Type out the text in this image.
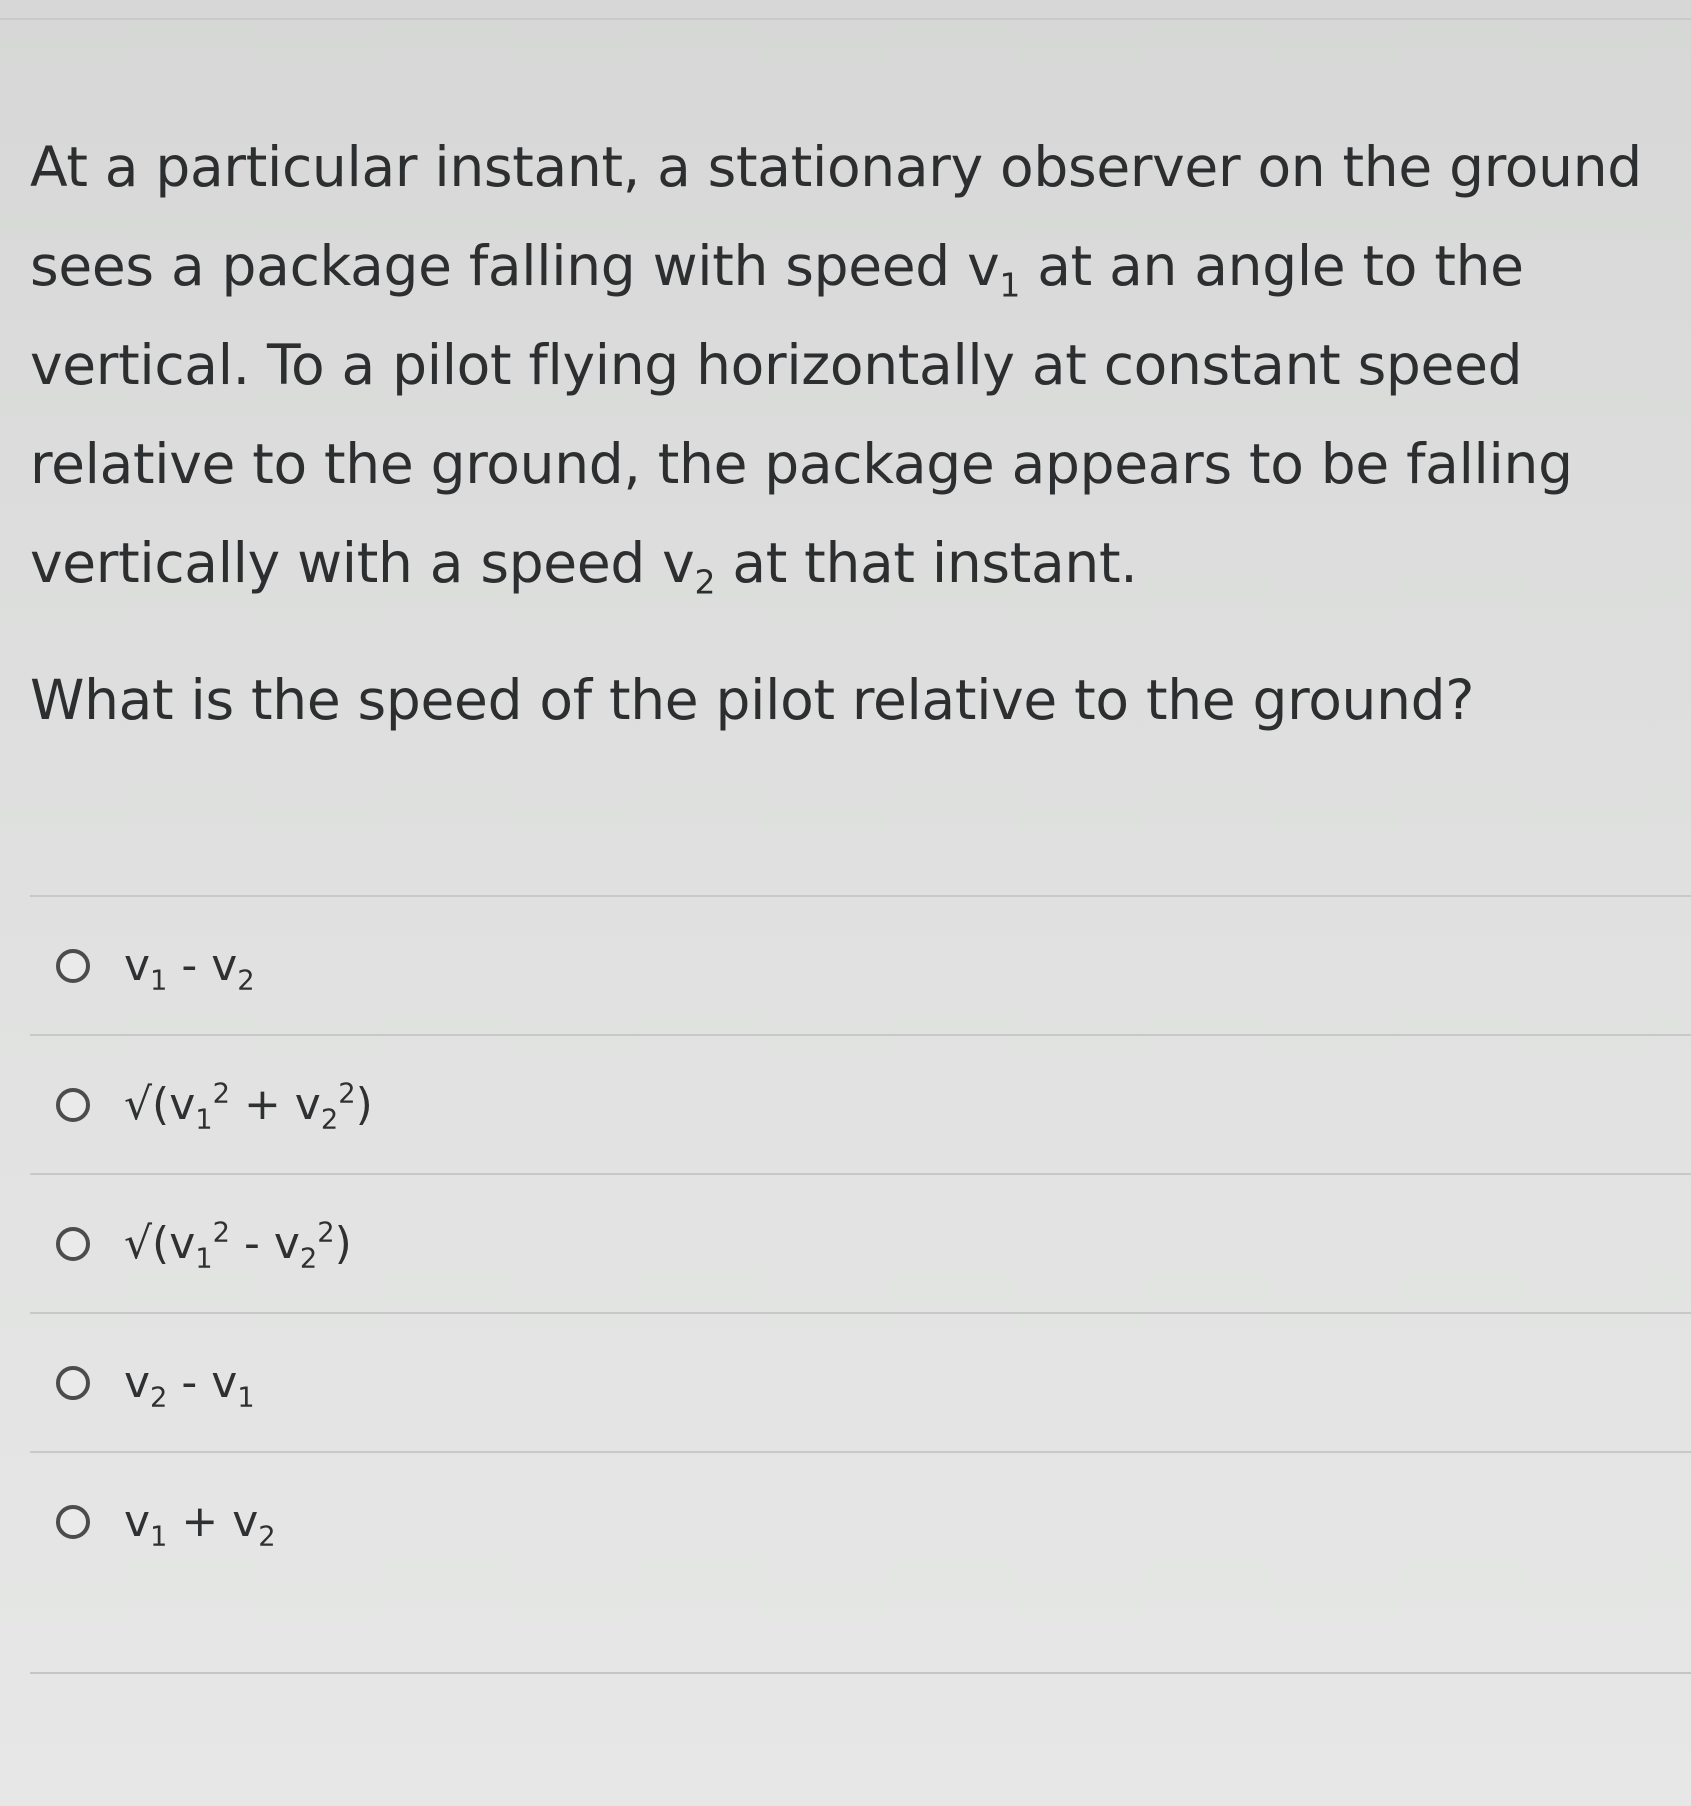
At a particular instant, a stationary observer on the ground
sees a package falling with speed $v_1$ at an angle to the
vertical. To a pilot flying horizontally at constant speed
relative to the ground, the package appears to be falling
vertically with a speed $v_2$ at that instant.

What is the speed of the pilot relative to the ground?

$v_1 - v_2$
$√(v_1^2 + v_2^2)$
$√(v_1^2 - v_2^2)$
$v_2 - v_1$
$v_1 + v_2$
